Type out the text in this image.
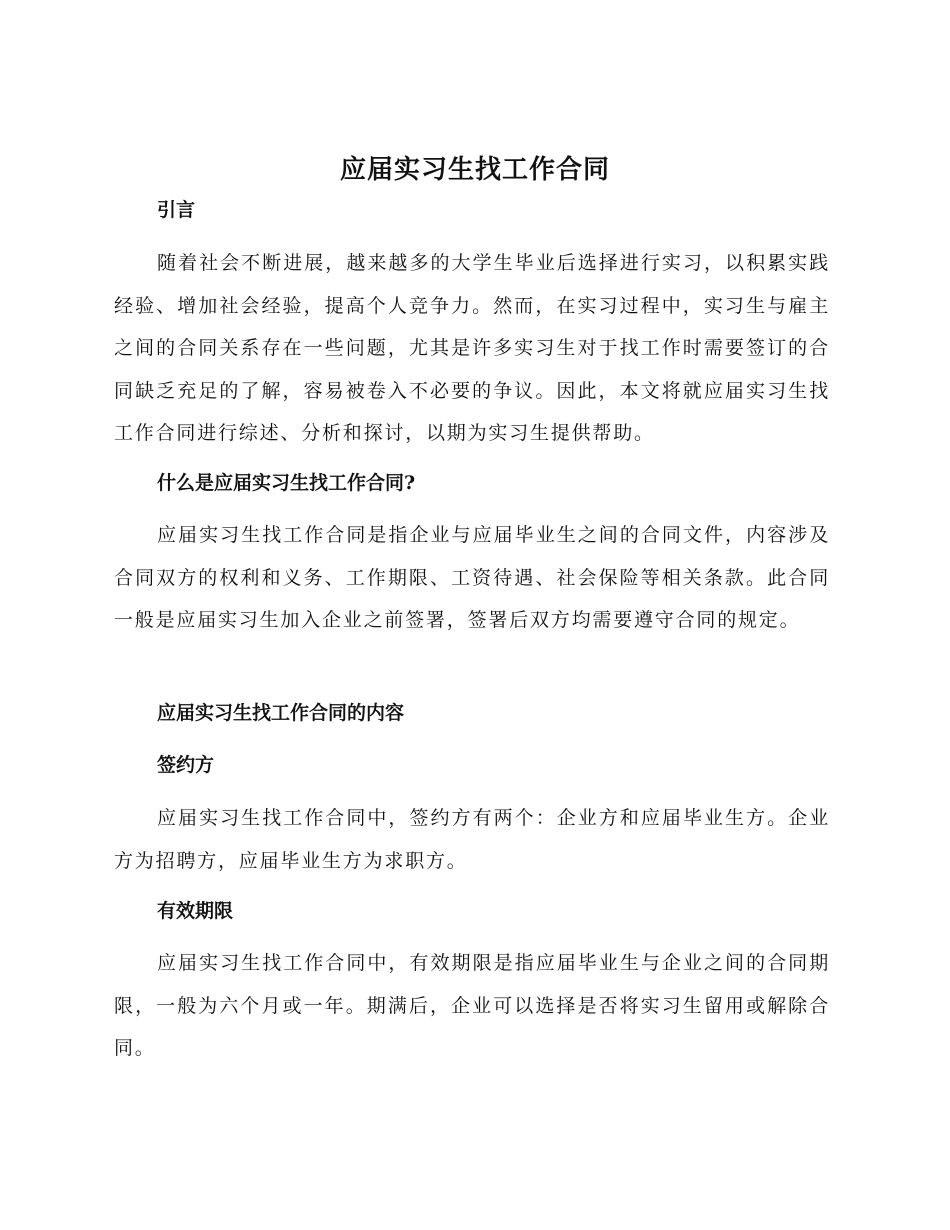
应届实习生找工作合同
引言

随着社会不断进展，越来越多的大学生毕业后选择进行实习，以积累实践经验、增加社会经验，提高个人竞争力。然而，在实习过程中，实习生与雇主之间的合同关系存在一些问题，尤其是许多实习生对于找工作时需要签订的合同缺乏充足的了解，容易被卷入不必要的争议。因此，本文将就应届实习生找工作合同进行综述、分析和探讨，以期为实习生提供帮助。

什么是应届实习生找工作合同?

应届实习生找工作合同是指企业与应届毕业生之间的合同文件，内容涉及合同双方的权利和义务、工作期限、工资待遇、社会保险等相关条款。此合同一般是应届实习生加入企业之前签署，签署后双方均需要遵守合同的规定。

应届实习生找工作合同的内容
签约方

应届实习生找工作合同中，签约方有两个：企业方和应届毕业生方。企业方为招聘方，应届毕业生方为求职方。

有效期限

应届实习生找工作合同中，有效期限是指应届毕业生与企业之间的合同期限，一般为六个月或一年。期满后，企业可以选择是否将实习生留用或解除合同。
